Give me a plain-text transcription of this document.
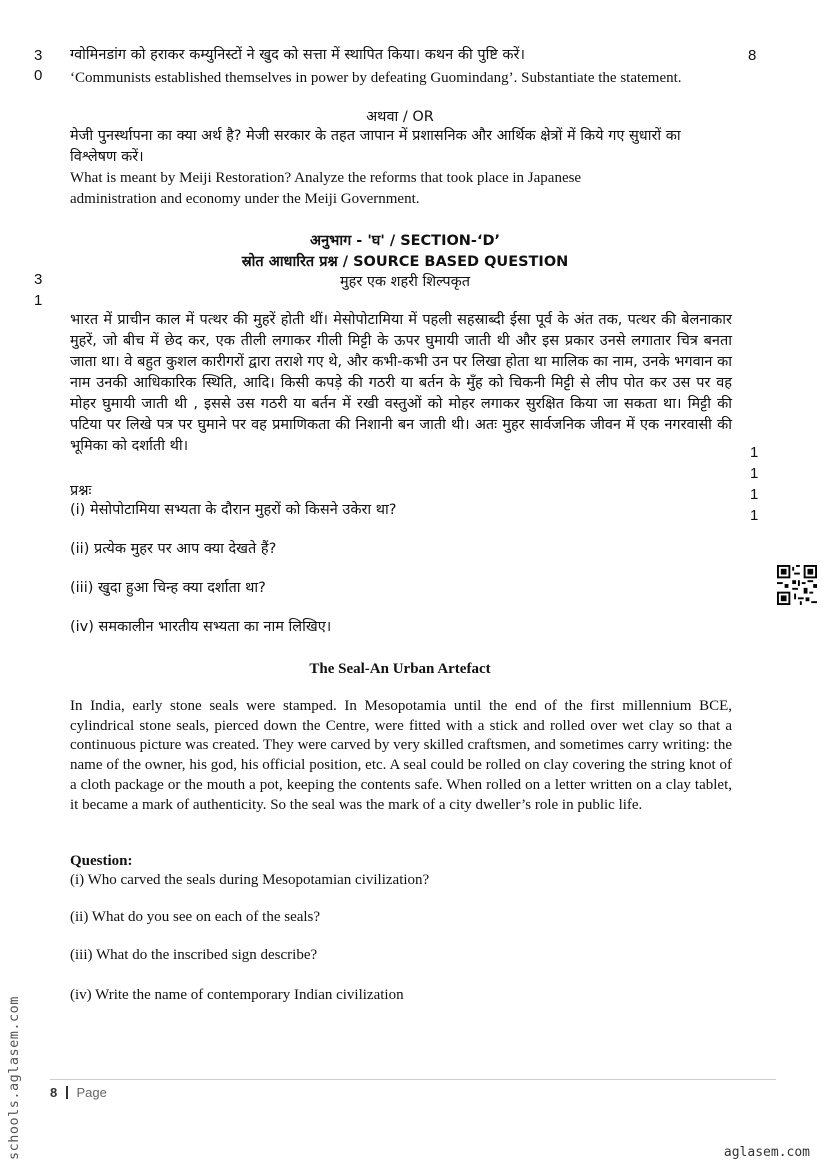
3
0
8
ग्वोमिनडांग को हराकर कम्युनिस्टों ने खुद को सत्ता में स्थापित किया। कथन की पुष्टि करें।
‘Communists established themselves in power by defeating Guomindang’. Substantiate the statement.
अथवा / OR
मेजी पुनर्स्थापना का क्या अर्थ है? मेजी सरकार के तहत जापान में प्रशासनिक और आर्थिक क्षेत्रों में किये गए सुधारों का विश्लेषण करें।
What is meant by Meiji Restoration? Analyze the reforms that took place in Japanese administration and economy under the Meiji Government.
अनुभाग - 'घ' / SECTION-‘D’
स्रोत आधारित प्रश्न / SOURCE BASED QUESTION
मुहर एक शहरी शिल्पकृत
3
1
भारत में प्राचीन काल में पत्थर की मुहरें होती थीं। मेसोपोटामिया में पहली सहस्राब्दी ईसा पूर्व के अंत तक, पत्थर की बेलनाकार मुहरें, जो बीच में छेद कर, एक तीली लगाकर गीली मिट्टी के ऊपर घुमायी जाती थी और इस प्रकार उनसे लगातार चित्र बनता जाता था। वे बहुत कुशल कारीगरों द्वारा तराशे गए थे, और कभी-कभी उन पर लिखा होता था मालिक का नाम, उनके भगवान का नाम उनकी आधिकारिक स्थिति, आदि। किसी कपड़े की गठरी या बर्तन के मुँह को चिकनी मिट्टी से लीप पोत कर उस पर वह मोहर घुमायी जाती थी , इससे उस गठरी या बर्तन में रखी वस्तुओं को मोहर लगाकर सुरक्षित किया जा सकता था। मिट्टी की पटिया पर लिखे पत्र पर घुमाने पर वह प्रमाणिकता की निशानी बन जाती थी। अतः मुहर सार्वजनिक जीवन में एक नगरवासी की भूमिका को दर्शाती थी।	1
1
1
1
प्रश्नः
(i) मेसोपोटामिया सभ्यता के दौरान मुहरों को किसने उकेरा था?
(ii) प्रत्येक मुहर पर आप क्या देखते हैं?
(iii) खुदा हुआ चिन्ह क्या दर्शाता था?
(iv) समकालीन भारतीय सभ्यता का नाम लिखिए।
The Seal-An Urban Artefact
In India, early stone seals were stamped. In Mesopotamia until the end of the first millennium BCE, cylindrical stone seals, pierced down the Centre, were fitted with a stick and rolled over wet clay so that a continuous picture was created. They were carved by very skilled craftsmen, and sometimes carry writing: the name of the owner, his god, his official position, etc. A seal could be rolled on clay covering the string knot of a cloth package or the mouth a pot, keeping the contents safe. When rolled on a letter written on a clay tablet, it became a mark of authenticity. So the seal was the mark of a city dweller’s role in public life.
Question:
(i) Who carved the seals during Mesopotamian civilization?
(ii) What do you see on each of the seals?
(iii) What do the inscribed sign describe?
(iv) Write the name of contemporary Indian civilization
8 Page
schools.aglasem.com	aglasem.com
